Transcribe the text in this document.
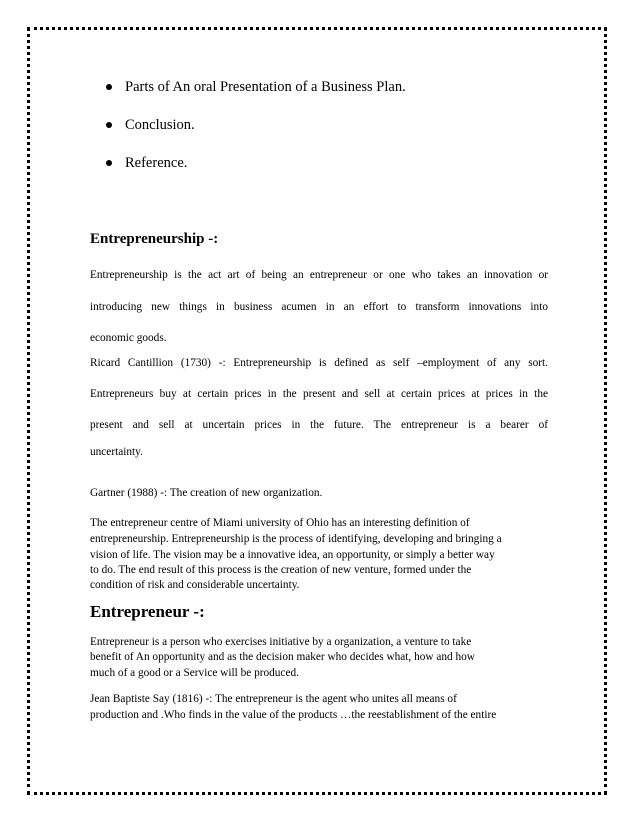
Parts of An oral Presentation of a Business Plan.
Conclusion.
Reference.
Entrepreneurship -:
Entrepreneurship is the act art of being an entrepreneur or one who takes an innovation or
introducing new things in business acumen in an effort to transform innovations into
economic goods.
Ricard Cantillion (1730) -: Entrepreneurship is defined as self –employment of any sort.
Entrepreneurs buy at certain prices in the present and sell at certain prices at prices in the
present and sell at uncertain prices in the future. The entrepreneur is a bearer of
uncertainty.
Gartner (1988) -: The creation of new organization.
The entrepreneur centre of Miami university of Ohio has an interesting definition of
entrepreneurship. Entrepreneurship is the process of identifying, developing and bringing a
vision of life. The vision may be a innovative idea, an opportunity, or simply a better way
to do. The end result of this process is the creation of new venture, formed under the
condition of risk and considerable uncertainty.
Entrepreneur -:
Entrepreneur is a person who exercises initiative by a organization, a venture to take
benefit of An opportunity and as the decision maker who decides what, how and how
much of a good or a Service will be produced.
Jean Baptiste Say (1816) -: The entrepreneur is the agent who unites all means of
production and .Who finds in the value of the products …the reestablishment of the entire
